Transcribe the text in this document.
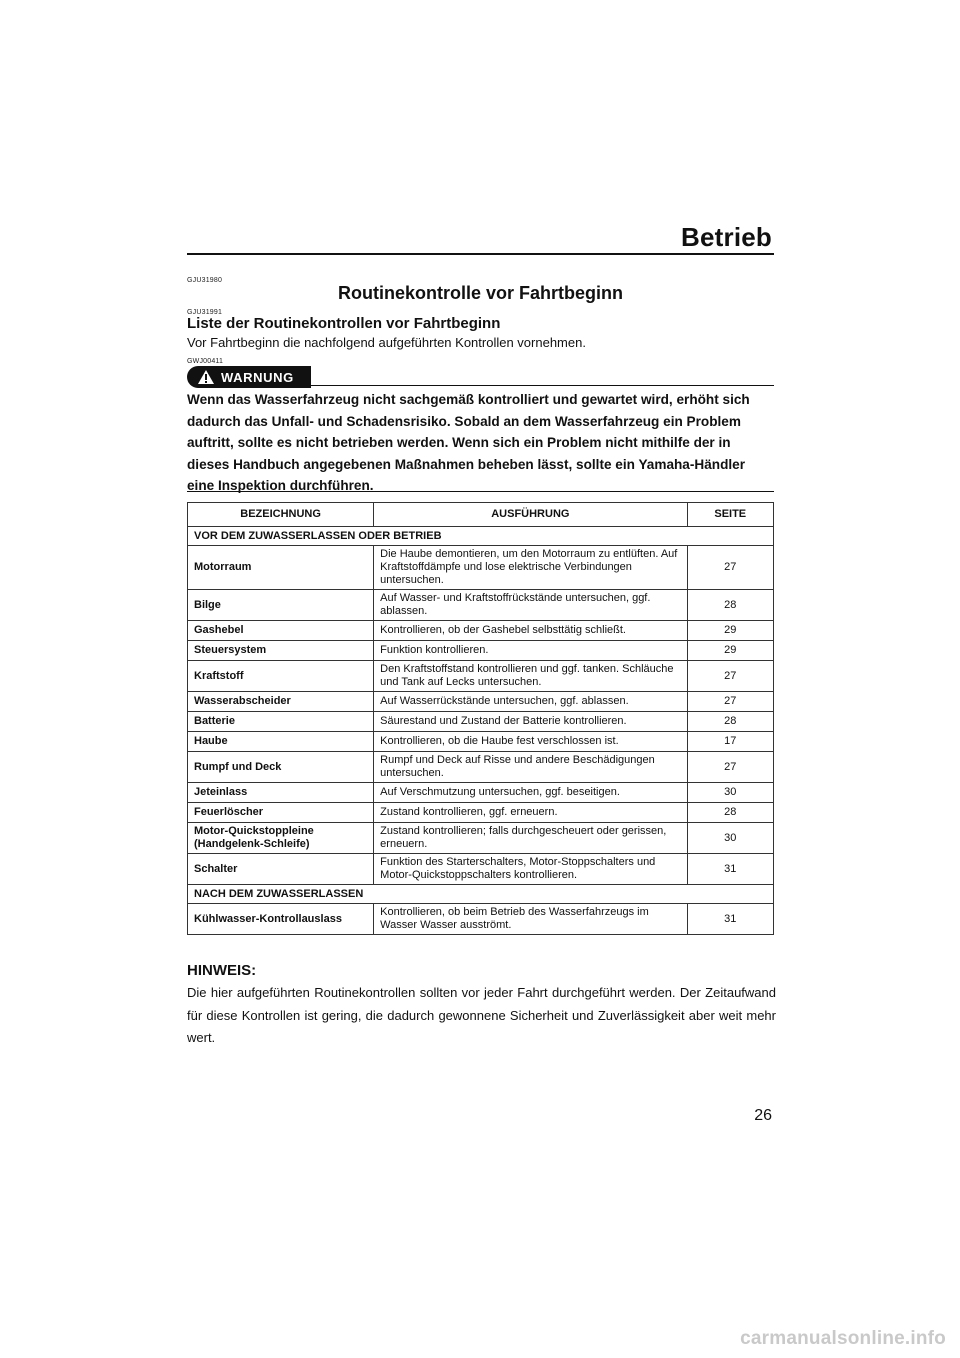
Betrieb
GJU31980
Routinekontrolle vor Fahrtbeginn
GJU31991
Liste der Routinekontrollen vor Fahrtbeginn
Vor Fahrtbeginn die nachfolgend aufgeführten Kontrollen vornehmen.
GWJ00411
WARNUNG
Wenn das Wasserfahrzeug nicht sachgemäß kontrolliert und gewartet wird, erhöht sich dadurch das Unfall- und Schadensrisiko. Sobald an dem Wasserfahrzeug ein Problem auftritt, sollte es nicht betrieben werden. Wenn sich ein Problem nicht mithilfe der in dieses Handbuch angegebenen Maßnahmen beheben lässt, sollte ein Yamaha-Händler eine Inspektion durchführen.
BEZEICHNUNG	AUSFÜHRUNG	SEITE
VOR DEM ZUWASSERLASSEN ODER BETRIEB		
Motorraum	Die Haube demontieren, um den Motorraum zu entlüften. Auf Kraftstoffdämpfe und lose elektrische Verbindungen untersuchen.	27
Bilge	Auf Wasser- und Kraftstoffrückstände untersuchen, ggf. ablassen.	28
Gashebel	Kontrollieren, ob der Gashebel selbsttätig schließt.	29
Steuersystem	Funktion kontrollieren.	29
Kraftstoff	Den Kraftstoffstand kontrollieren und ggf. tanken. Schläuche und Tank auf Lecks untersuchen.	27
Wasserabscheider	Auf Wasserrückstände untersuchen, ggf. ablassen.	27
Batterie	Säurestand und Zustand der Batterie kontrollieren.	28
Haube	Kontrollieren, ob die Haube fest verschlossen ist.	17
Rumpf und Deck	Rumpf und Deck auf Risse und andere Beschädigungen untersuchen.	27
Jeteinlass	Auf Verschmutzung untersuchen, ggf. beseitigen.	30
Feuerlöscher	Zustand kontrollieren, ggf. erneuern.	28
Motor-Quickstoppleine (Handgelenk-Schleife)	Zustand kontrollieren; falls durchgescheuert oder gerissen, erneuern.	30
Schalter	Funktion des Starterschalters, Motor-Stoppschalters und Motor-Quickstoppschalters kontrollieren.	31
NACH DEM ZUWASSERLASSEN		
Kühlwasser-Kontrollauslass	Kontrollieren, ob beim Betrieb des Wasserfahrzeugs im Wasser Wasser ausströmt.	31
HINWEIS:
Die hier aufgeführten Routinekontrollen sollten vor jeder Fahrt durchgeführt werden. Der Zeitaufwand für diese Kontrollen ist gering, die dadurch gewonnene Sicherheit und Zuverlässigkeit aber weit mehr wert.
26
carmanualsonline.info
